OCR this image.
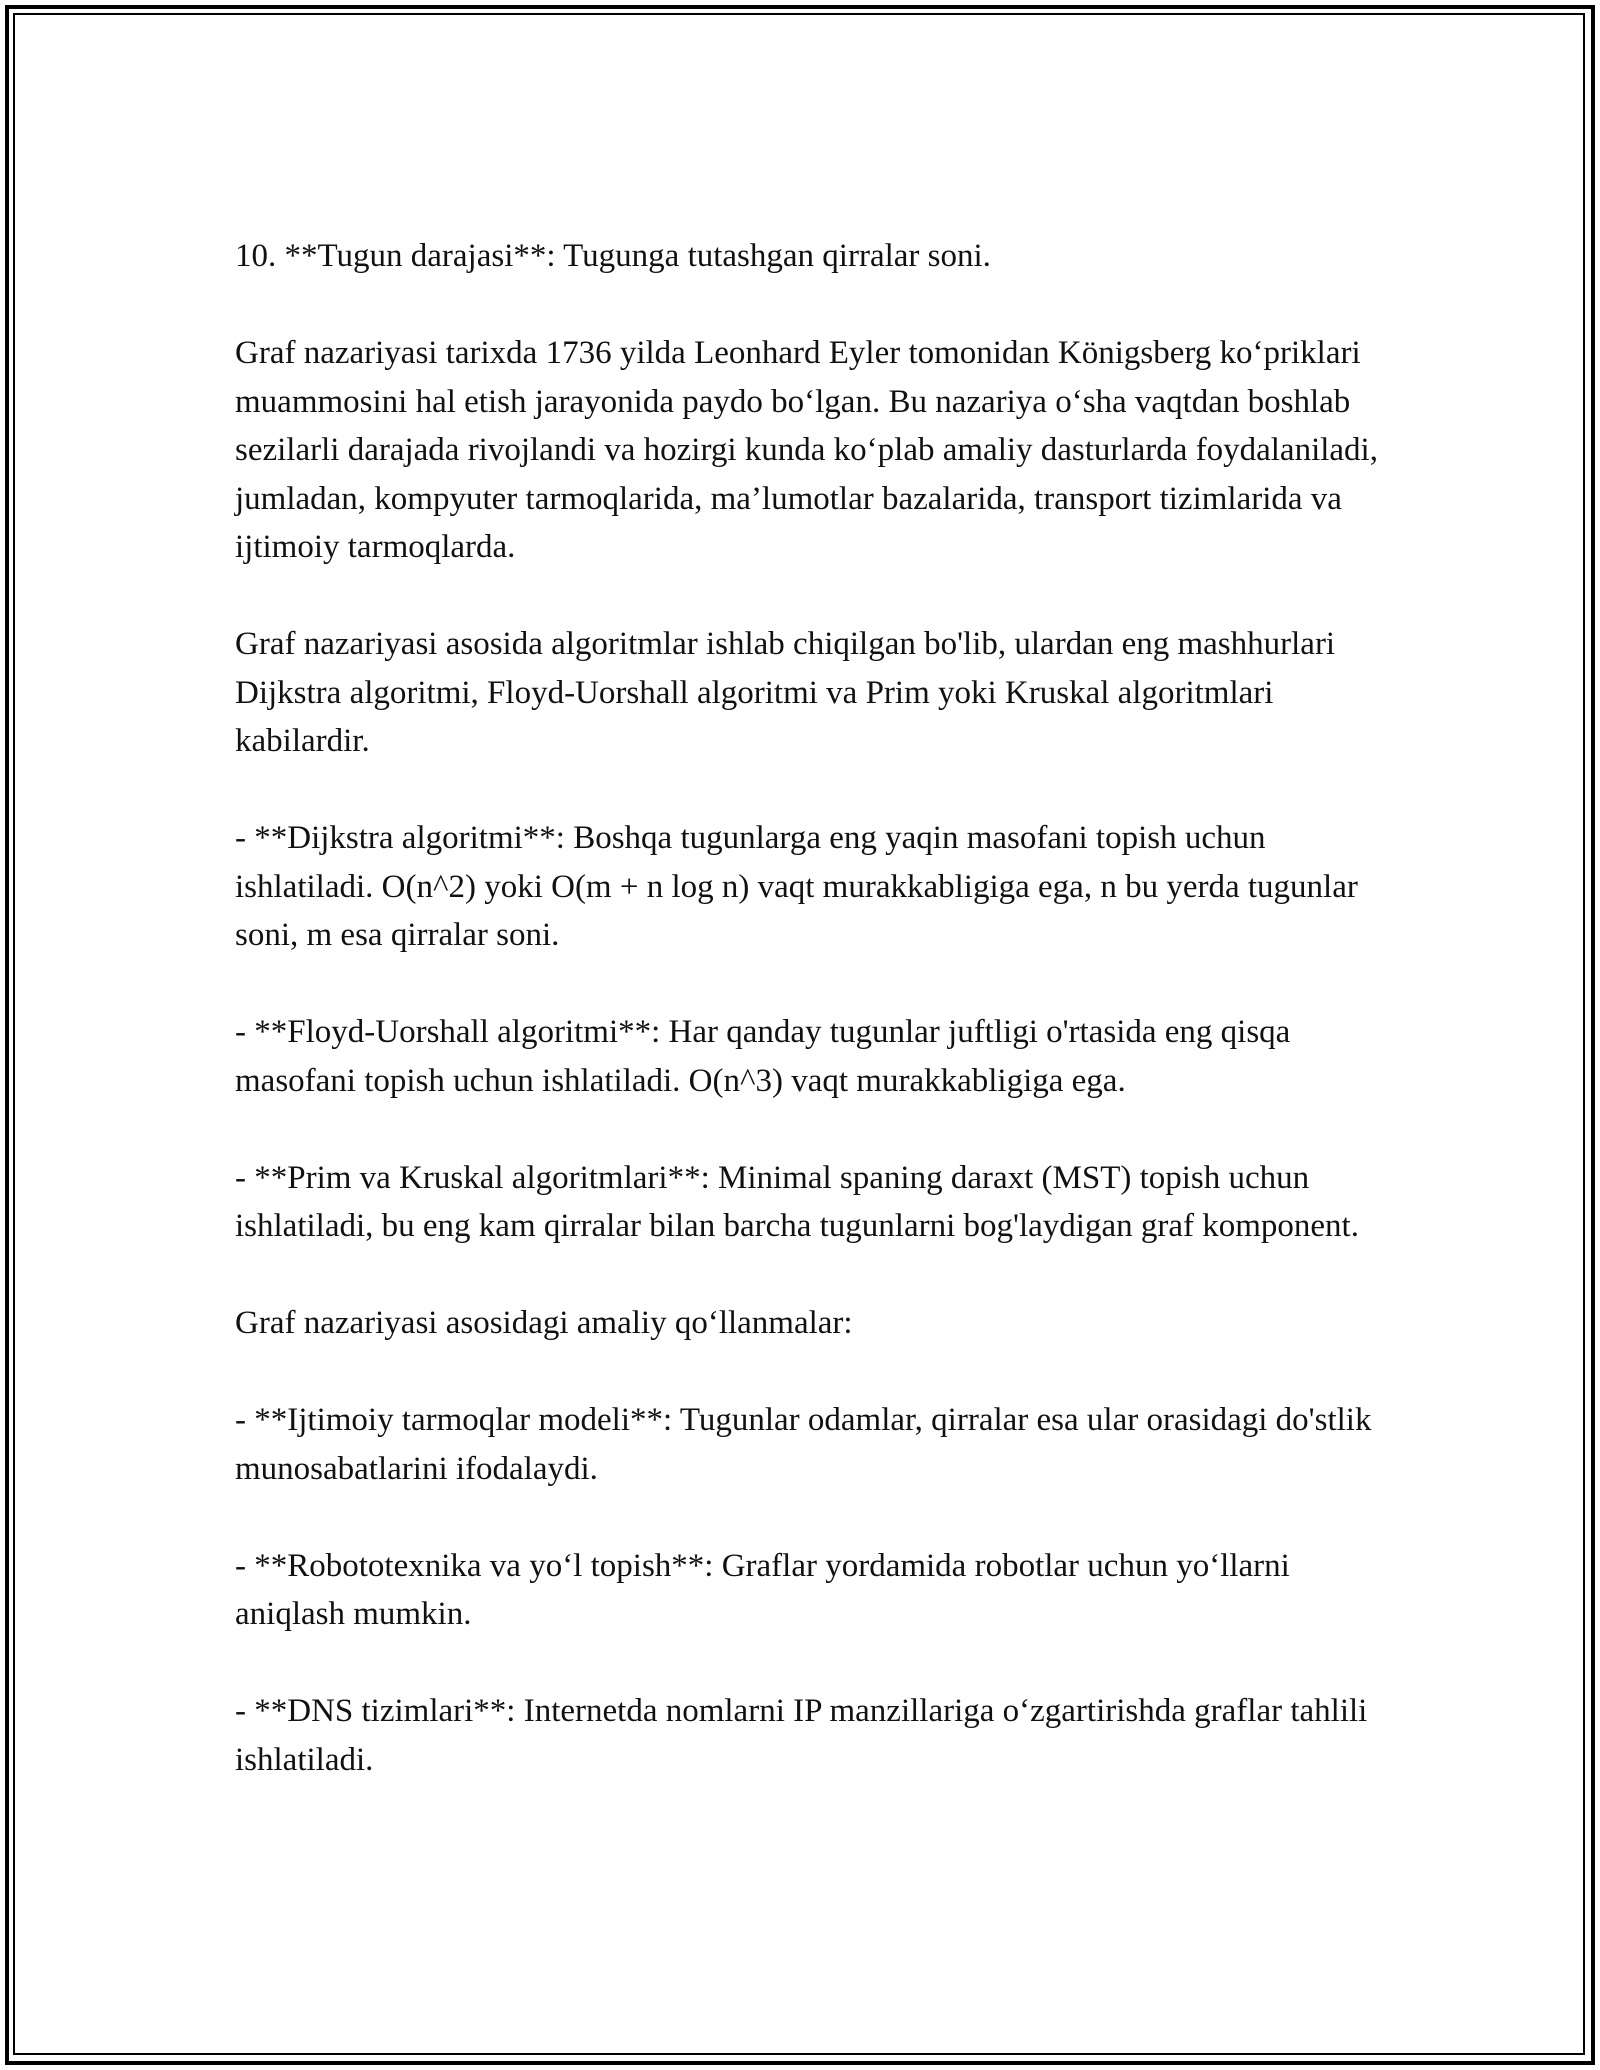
10. **Tugun darajasi**: Tugunga tutashgan qirralar soni.

Graf nazariyasi tarixda 1736 yilda Leonhard Eyler tomonidan Königsberg ko‘priklari muammosini hal etish jarayonida paydo bo‘lgan. Bu nazariya o‘sha vaqtdan boshlab sezilarli darajada rivojlandi va hozirgi kunda ko‘plab amaliy dasturlarda foydalaniladi, jumladan, kompyuter tarmoqlarida, ma’lumotlar bazalarida, transport tizimlarida va ijtimoiy tarmoqlarda.

Graf nazariyasi asosida algoritmlar ishlab chiqilgan bo'lib, ulardan eng mashhurlari Dijkstra algoritmi, Floyd-Uorshall algoritmi va Prim yoki Kruskal algoritmlari kabilardir.

- **Dijkstra algoritmi**: Boshqa tugunlarga eng yaqin masofani topish uchun ishlatiladi. O(n^2) yoki O(m + n log n) vaqt murakkabligiga ega, n bu yerda tugunlar soni, m esa qirralar soni.

- **Floyd-Uorshall algoritmi**: Har qanday tugunlar juftligi o'rtasida eng qisqa masofani topish uchun ishlatiladi. O(n^3) vaqt murakkabligiga ega.

- **Prim va Kruskal algoritmlari**: Minimal spaning daraxt (MST) topish uchun ishlatiladi, bu eng kam qirralar bilan barcha tugunlarni bog'laydigan graf komponent.

Graf nazariyasi asosidagi amaliy qo‘llanmalar:

- **Ijtimoiy tarmoqlar modeli**: Tugunlar odamlar, qirralar esa ular orasidagi do'stlik munosabatlarini ifodalaydi.

- **Robototexnika va yo‘l topish**: Graflar yordamida robotlar uchun yo‘llarni aniqlash mumkin.

- **DNS tizimlari**: Internetda nomlarni IP manzillariga o‘zgartirishda graflar tahlili ishlatiladi.
